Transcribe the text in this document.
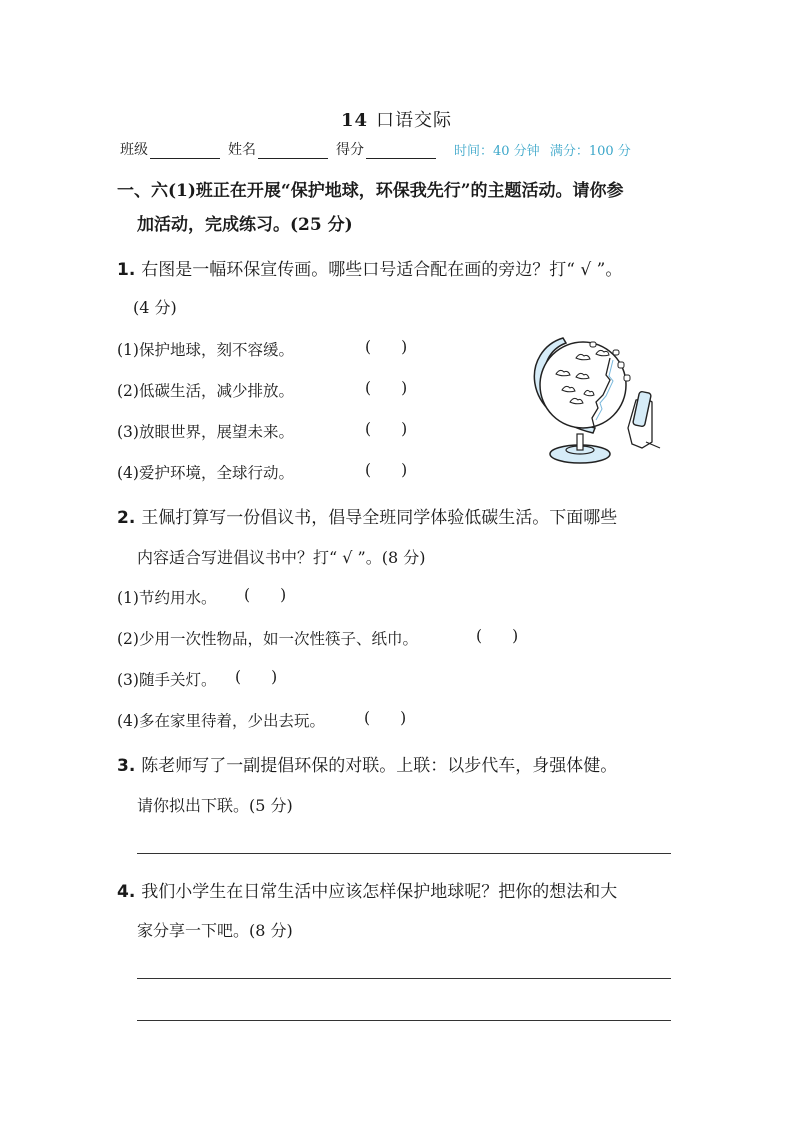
14 口语交际
班级	姓名	得分	时间：40 分钟 满分：100 分
一、六(1)班正在开展“保护地球，环保我先行”的主题活动。请你参
加活动，完成练习。(25 分)
1. 右图是一幅环保宣传画。哪些口号适合配在画的旁边？打“ √ ”。
(4 分)
(1)保护地球，刻不容缓。	( )
(2)低碳生活，减少排放。	( )
(3)放眼世界，展望未来。	( )
(4)爱护环境，全球行动。	( )
2. 王佩打算写一份倡议书，倡导全班同学体验低碳生活。下面哪些
内容适合写进倡议书中？打“ √ ”。(8 分)
(1)节约用水。 ( )
(2)少用一次性物品，如一次性筷子、纸巾。	( )
(3)随手关灯。 ( )
(4)多在家里待着，少出去玩。	( )
3. 陈老师写了一副提倡环保的对联。上联：以步代车，身强体健。
请你拟出下联。(5 分)
4. 我们小学生在日常生活中应该怎样保护地球呢？把你的想法和大
家分享一下吧。(8 分)
